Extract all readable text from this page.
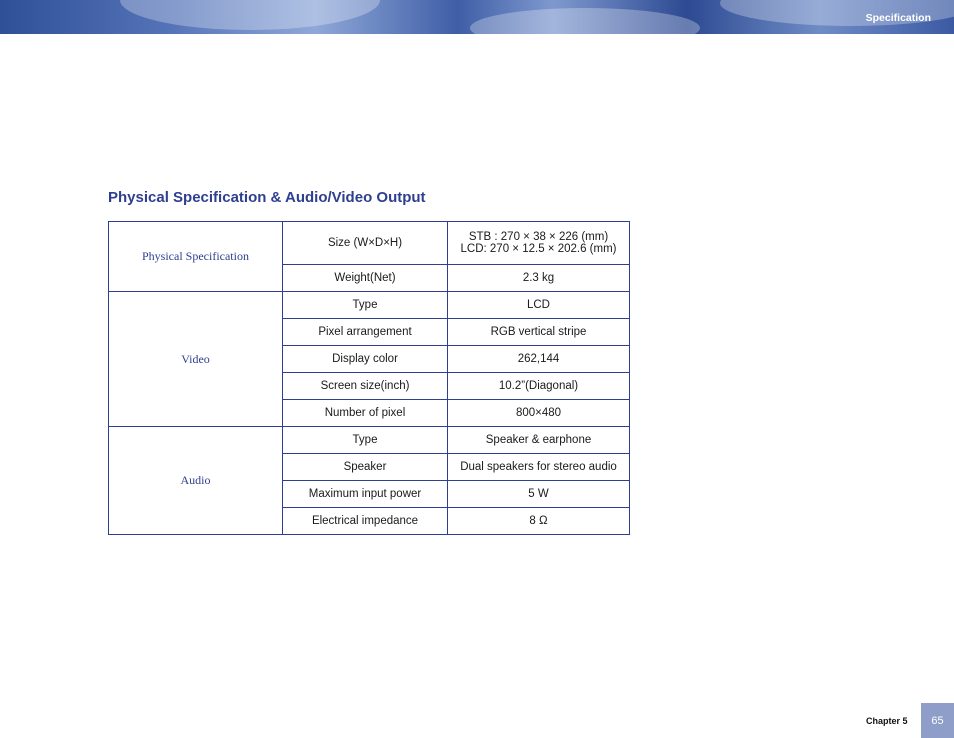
Specification
Physical Specification & Audio/Video Output
Physical Specification	Size (W×D×H)	STB : 270 × 38 × 226 (mm)
LCD: 270 × 12.5 × 202.6 (mm)
	Weight(Net)	2.3 kg
Video	Type	LCD
	Pixel arrangement	RGB vertical stripe
	Display color	262,144
	Screen size(inch)	10.2”(Diagonal)
	Number of pixel	800×480
Audio	Type	Speaker & earphone
	Speaker	Dual speakers for stereo audio
	Maximum input power	5 W
	Electrical impedance	8 Ω
Chapter 5 65
